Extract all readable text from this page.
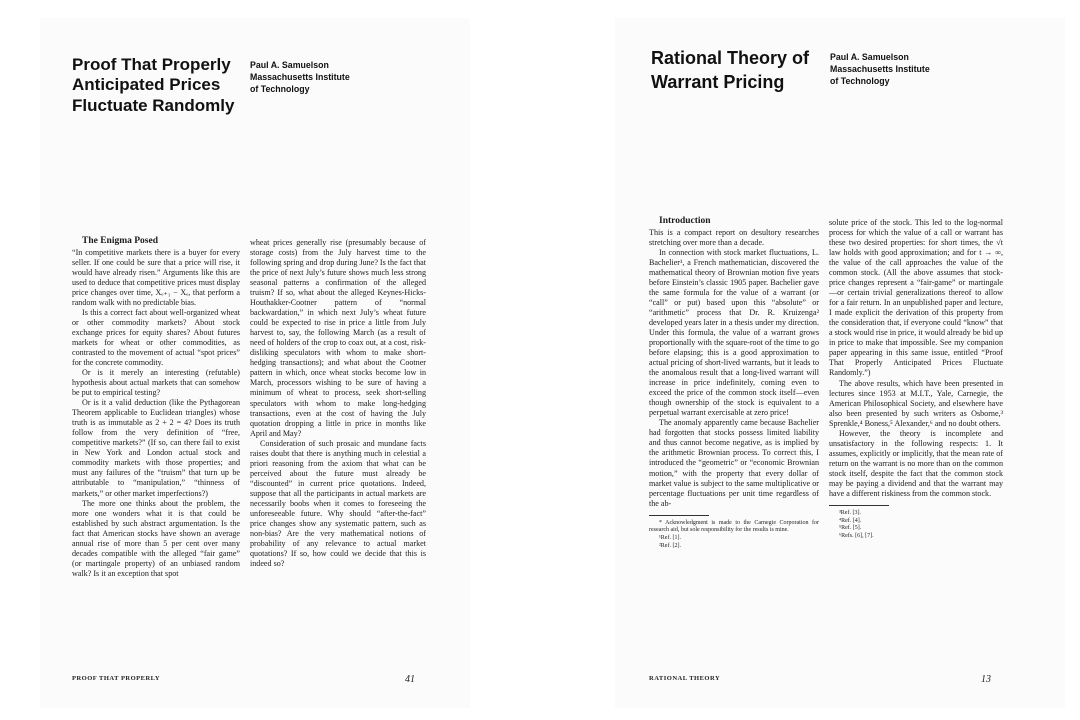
Proof That Properly Anticipated Prices Fluctuate Randomly
Paul A. Samuelson
Massachusetts Institute
of Technology

The Enigma Posed

“In competitive markets there is a buyer for every seller. If one could be sure that a price will rise, it would have already risen.” Arguments like this are used to deduce that competitive prices must display price changes over time, Xₑ₊₁ − Xₑ, that perform a random walk with no predictable bias.

Is this a correct fact about well-organized wheat or other commodity markets? About stock exchange prices for equity shares? About futures markets for wheat or other commodities, as contrasted to the movement of actual “spot prices” for the concrete commodity.

Or is it merely an interesting (refutable) hypothesis about actual markets that can somehow be put to empirical testing?

Or is it a valid deduction (like the Pythagorean Theorem applicable to Euclidean triangles) whose truth is as immutable as 2 + 2 = 4? Does its truth follow from the very definition of “free, competitive markets?” (If so, can there fail to exist in New York and London actual stock and commodity markets with those properties; and must any failures of the “truism” that turn up be attributable to “manipulation,” “thinness of markets,” or other market imperfections?)

The more one thinks about the problem, the more one wonders what it is that could be established by such abstract argumentation. Is the fact that American stocks have shown an average annual rise of more than 5 per cent over many decades compatible with the alleged “fair game” (or martingale property) of an unbiased random walk? Is it an exception that spot

wheat prices generally rise (presumably because of storage costs) from the July harvest time to the following spring and drop during June? Is the fact that the price of next July’s future shows much less strong seasonal patterns a confirmation of the alleged truism? If so, what about the alleged Keynes-Hicks-Houthakker-Cootner pattern of “normal backwardation,” in which next July’s wheat future could be expected to rise in price a little from July harvest to, say, the following March (as a result of need of holders of the crop to coax out, at a cost, risk-disliking speculators with whom to make short-hedging transactions); and what about the Cootner pattern in which, once wheat stocks become low in March, processors wishing to be sure of having a minimum of wheat to process, seek short-selling speculators with whom to make long-hedging transactions, even at the cost of having the July quotation dropping a little in price in months like April and May?

Consideration of such prosaic and mundane facts raises doubt that there is anything much in celestial a priori reasoning from the axiom that what can be perceived about the future must already be “discounted” in current price quotations. Indeed, suppose that all the participants in actual markets are necessarily boobs when it comes to foreseeing the unforeseeable future. Why should “after-the-fact” price changes show any systematic pattern, such as non-bias? Are the very mathematical notions of probability of any relevance to actual market quotations? If so, how could we decide that this is indeed so?

PROOF THAT PROPERLY	41
Rational Theory of Warrant Pricing
Paul A. Samuelson
Massachusetts Institute
of Technology

Introduction

This is a compact report on desultory researches stretching over more than a decade.

In connection with stock market fluctuations, L. Bachelier¹, a French mathematician, discovered the mathematical theory of Brownian motion five years before Einstein’s classic 1905 paper. Bachelier gave the same formula for the value of a warrant (or “call” or put) based upon this “absolute” or “arithmetic” process that Dr. R. Kruizenga² developed years later in a thesis under my direction. Under this formula, the value of a warrant grows proportionally with the square-root of the time to go before elapsing; this is a good approximation to actual pricing of short-lived warrants, but it leads to the anomalous result that a long-lived warrant will increase in price indefinitely, coming even to exceed the price of the common stock itself—even though ownership of the stock is equivalent to a perpetual warrant exercisable at zero price!

The anomaly apparently came because Bachelier had forgotten that stocks possess limited liability and thus cannot become negative, as is implied by the arithmetic Brownian process. To correct this, I introduced the “geometric” or “economic Brownian motion,” with the property that every dollar of market value is subject to the same multiplicative or percentage fluctuations per unit time regardless of the ab-

* Acknowledgment is made to the Carnegie Corporation for research aid, but sole responsibility for the results is mine.

¹Ref. [1].

²Ref. [2].

solute price of the stock. This led to the log-normal process for which the value of a call or warrant has these two desired properties: for short times, the √t law holds with good approximation; and for t → ∞, the value of the call approaches the value of the common stock. (All the above assumes that stock-price changes represent a “fair-game” or martingale—or certain trivial generalizations thereof to allow for a fair return. In an unpublished paper and lecture, I made explicit the derivation of this property from the consideration that, if everyone could “know” that a stock would rise in price, it would already be bid up in price to make that impossible. See my companion paper appearing in this same issue, entitled “Proof That Properly Anticipated Prices Fluctuate Randomly.”)

The above results, which have been presented in lectures since 1953 at M.I.T., Yale, Carnegie, the American Philosophical Society, and elsewhere have also been presented by such writers as Osborne,³ Sprenkle,⁴ Boness,⁵ Alexander,⁶ and no doubt others.

However, the theory is incomplete and unsatisfactory in the following respects: 1. It assumes, explicitly or implicitly, that the mean rate of return on the warrant is no more than on the common stock itself, despite the fact that the common stock may be paying a dividend and that the warrant may have a different riskiness from the common stock.

³Ref. [3].

⁴Ref. [4].

⁵Ref. [5].

⁶Refs. [6], [7].

RATIONAL THEORY	13
